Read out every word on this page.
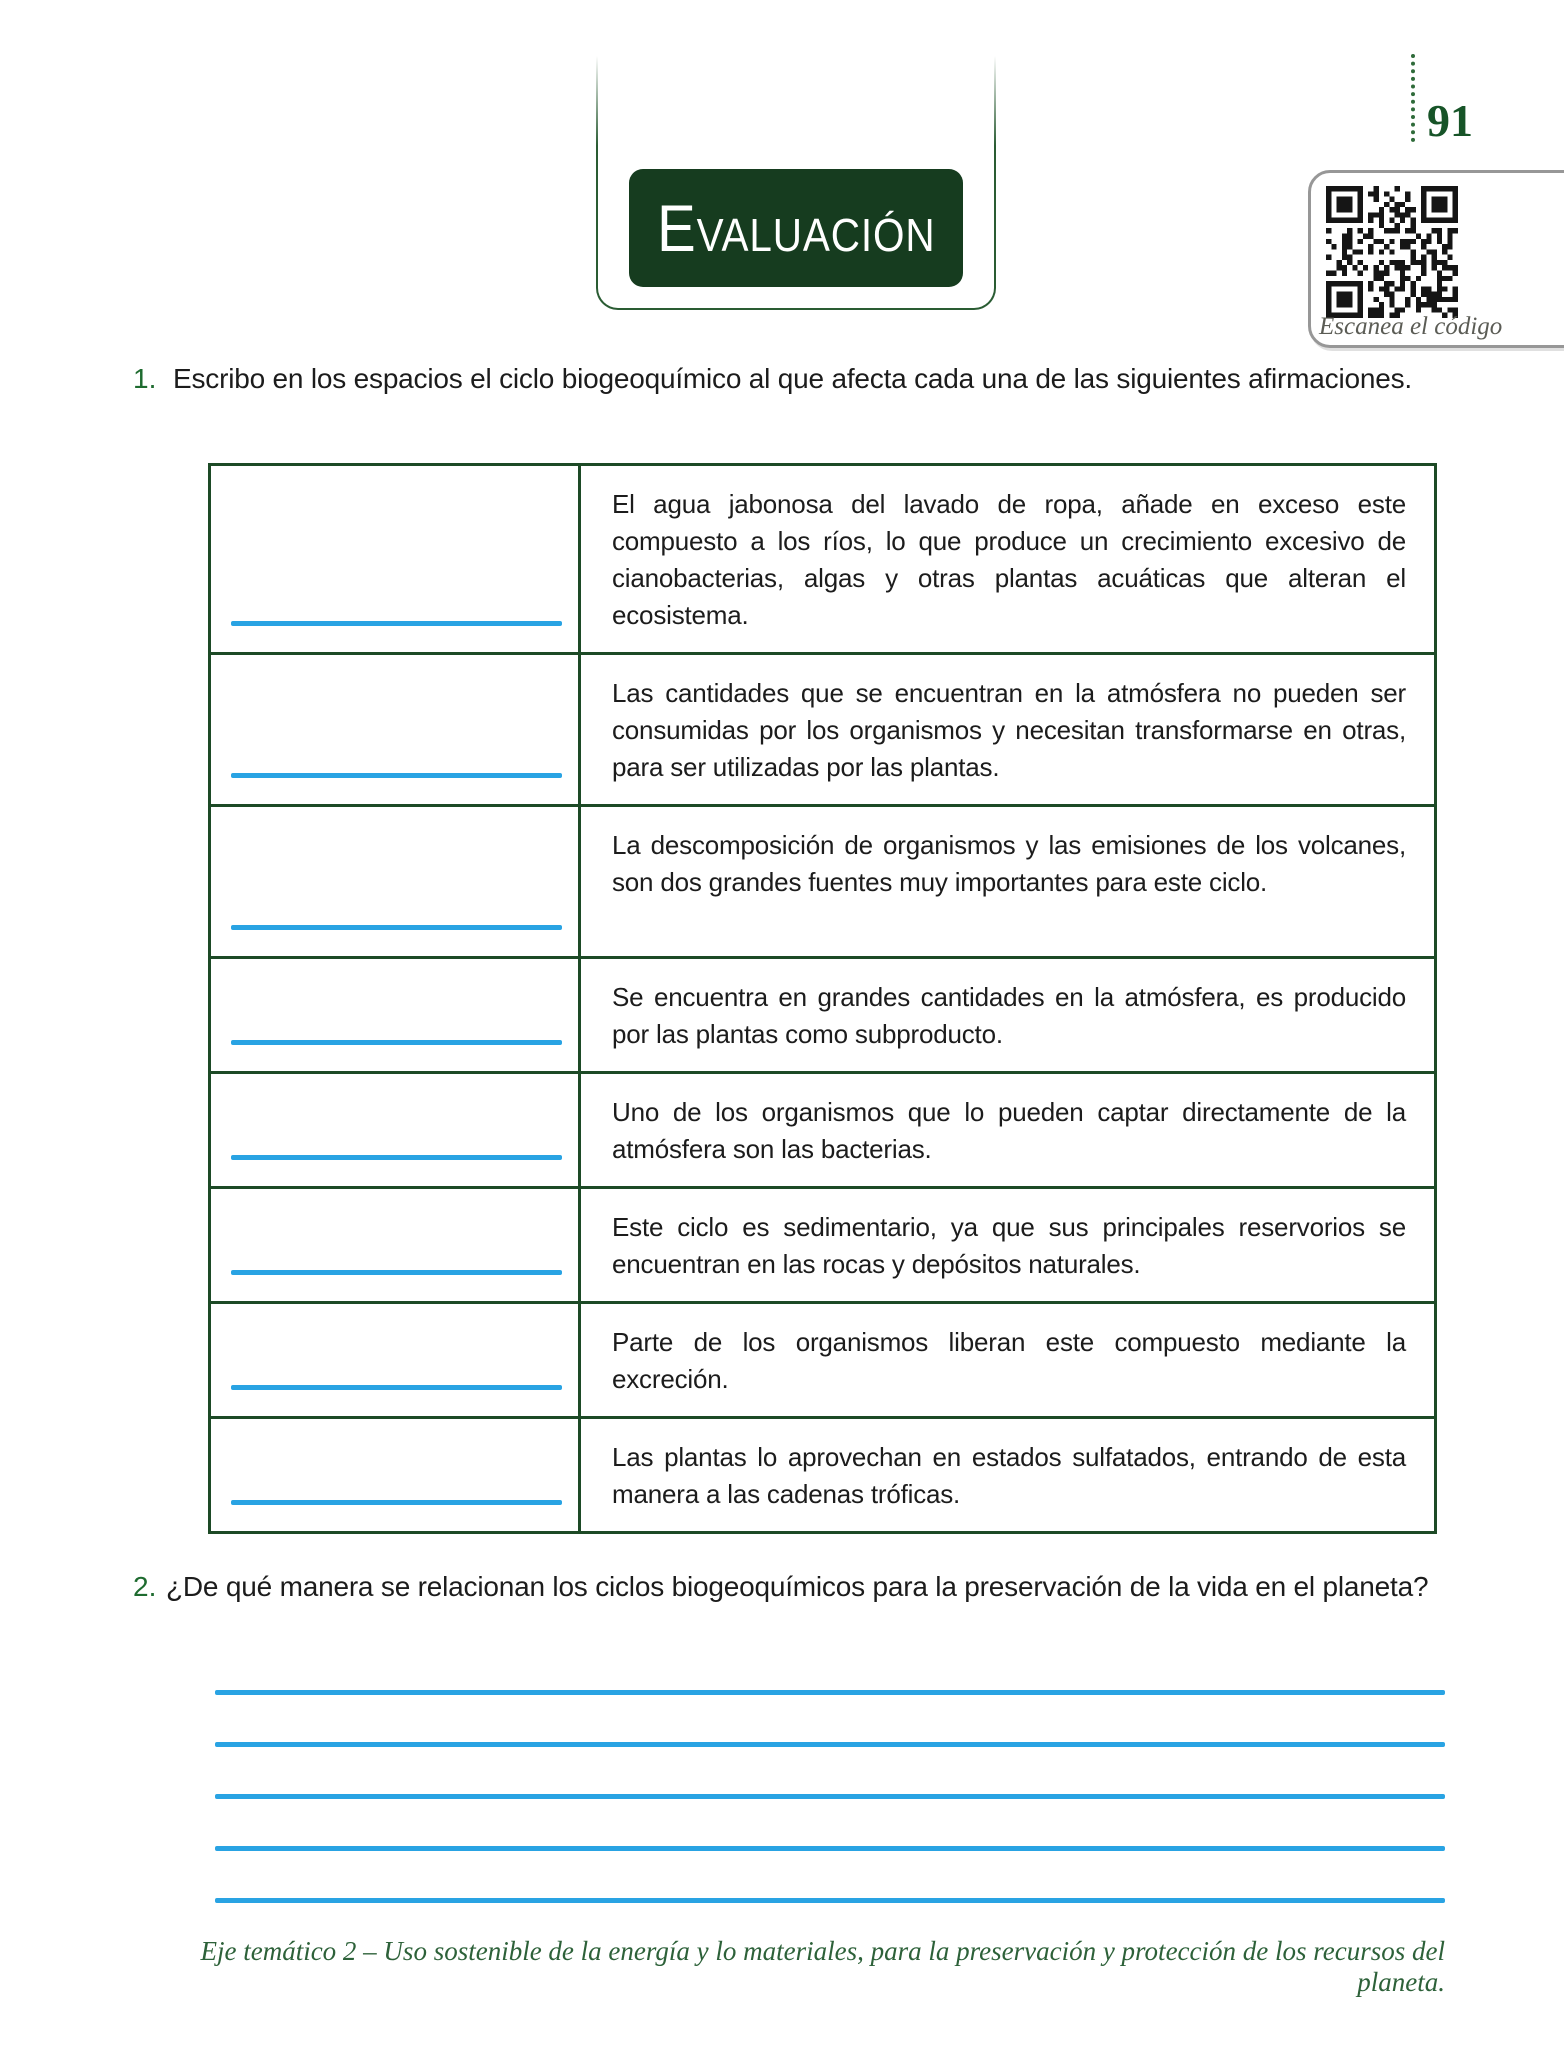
E VALUACIÓN
91
Escanea el código
1. Escribo en los espacios el ciclo biogeoquímico al que afecta cada una de las siguientes afirmaciones.

	El agua jabonosa del lavado de ropa, añade en exceso este compuesto a los ríos, lo que produce un crecimiento excesivo de cianobacterias, algas y otras plantas acuáticas que alteran el ecosistema.

	Las cantidades que se encuentran en la atmósfera no pueden ser consumidas por los organismos y necesitan transformarse en otras, para ser utilizadas por las plantas.

	La descomposición de organismos y las emisiones de los volcanes, son dos grandes fuentes muy importantes para este ciclo.

	Se encuentra en grandes cantidades en la atmósfera, es producido por las plantas como subproducto.

	Uno de los organismos que lo pueden captar directamente de la atmósfera son las bacterias.

	Este ciclo es sedimentario, ya que sus principales reservorios se encuentran en las rocas y depósitos naturales.

	Parte de los organismos liberan este compuesto mediante la excreción.

	Las plantas lo aprovechan en estados sulfatados, entrando de esta manera a las cadenas tróficas.
2. ¿De qué manera se relacionan los ciclos biogeoquímicos para la preservación de la vida en el planeta?

Eje temático 2 – Uso sostenible de la energía y lo materiales, para la preservación y protección de los recursos del planeta.
